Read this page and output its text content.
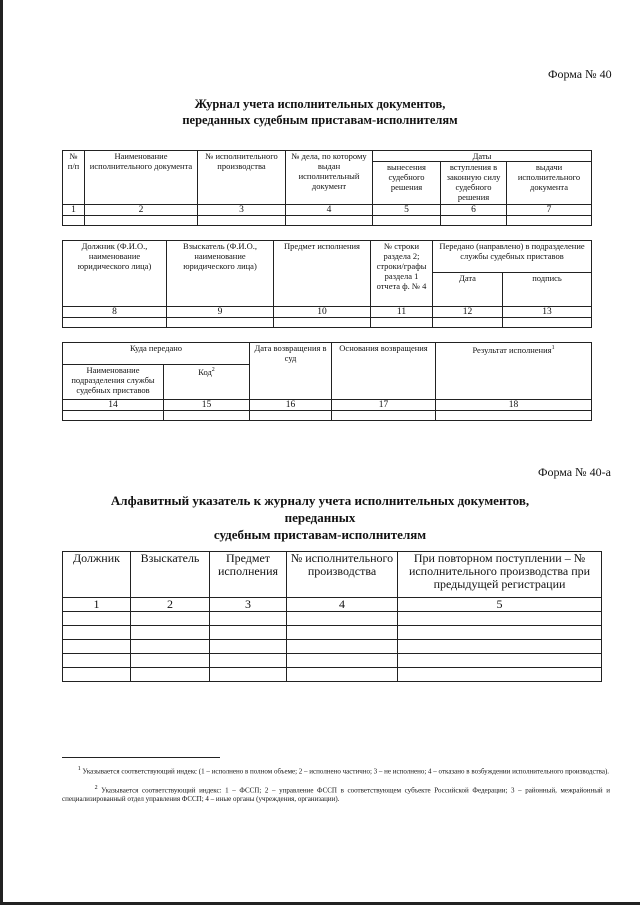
Форма № 40
Журнал учета исполнительных документов,
переданных судебным приставам-исполнителям
№ п/п	Наименование исполнительного документа	№ исполнительного производства	№ дела, по которому выдан исполнительный документ	Даты		
				вынесения судебного решения	вступления в законную силу судебного решения	выдачи исполнительного документа
1	2	3	4	5	6	7

Должник (Ф.И.О., наименование юридического лица)	Взыскатель (Ф.И.О., наименование юридического лица)	Предмет исполнения	№ строки раздела 2; строки/графы раздела 1 отчета ф. № 4	Передано (направлено) в подразделение службы судебных приставов	
				Дата	подпись
8	9	10	11	12	13

Куда передано		Дата возвращения в суд	Основания возвращения	Результат исполнения$^1$
Наименование подразделения службы судебных приставов	Код$^2$
14	15	16	17	18

Форма № 40-а
Алфавитный указатель к журналу учета исполнительных документов, переданных
судебным приставам-исполнителям
Должник	Взыскатель	Предмет исполнения	№ исполнительного производства	При повторном поступлении – № исполнительного производства при предыдущей регистрации
1	2	3	4	5

1 Указывается соответствующий индекс (1 – исполнено в полном объеме; 2 – исполнено частично; 3 – не исполнено; 4 – отказано в возбуждении исполнительного производства).
2 Указывается соответствующий индекс: 1 – ФССП; 2 – управление ФССП в соответствующем субъекте Российской Федерации; 3 – районный, межрайонный и специализированный отдел управления ФССП; 4 – иные органы (учреждения, организации).
